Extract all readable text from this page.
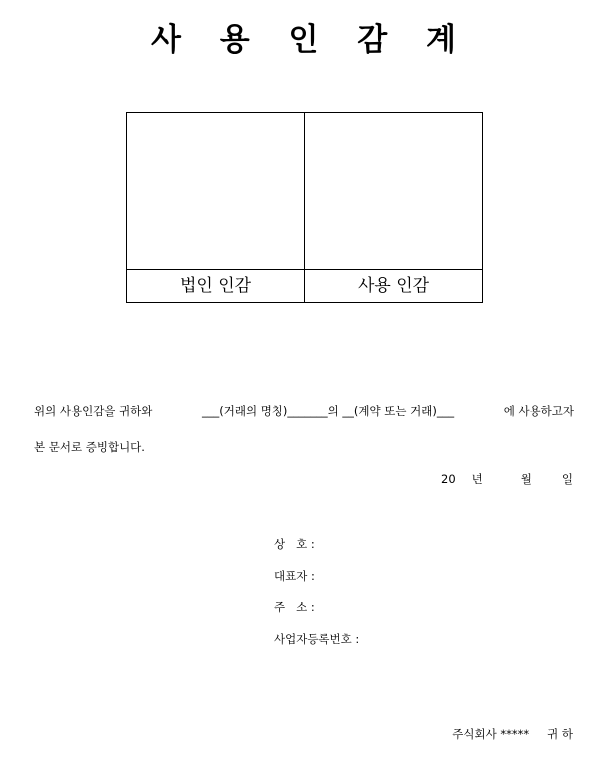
사 용 인 감 계
법인 인감	사용 인감
위의 사용인감을 귀하와	___(거래의 명칭)_______의 __(계약 또는 거래)___	에 사용하고자
본 문서로 증빙합니다.
20 년	월	일
상   호 :
대표자 :
주   소 :
사업자등록번호 :
주식회사 ***** 귀 하
